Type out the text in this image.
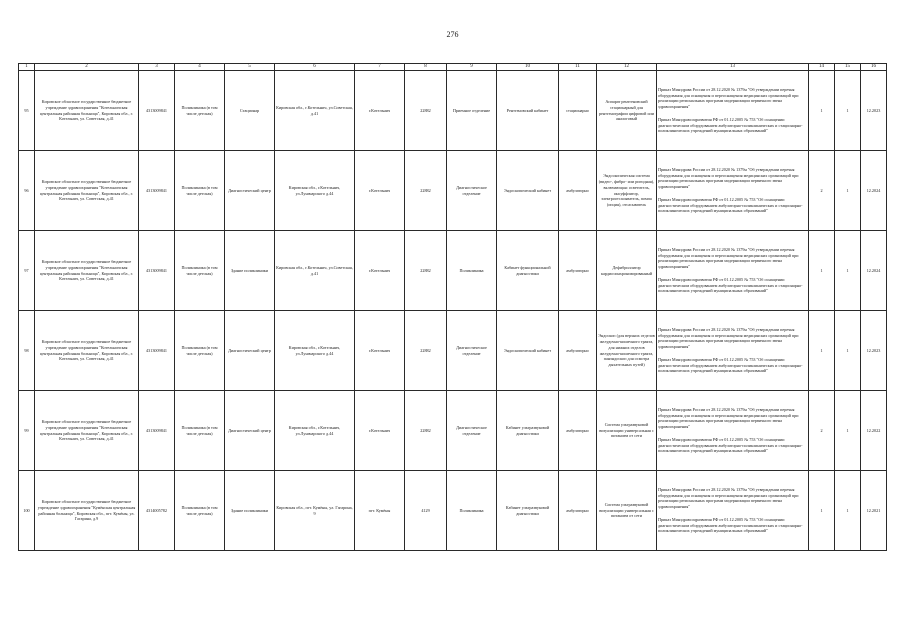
276
1	2	3	4	5	6	7	8	9	10	11	12	13	14	15	16
95	Кировское областное государственное бюджетное учреждение здравоохранения "Котельничская центральная районная больница", Кировская обл., г. Котельнич, ул. Советская, д.41	4313009841	Поликлиника (в том числе детская)	Стационар	Кировская обл., г.Котельнич, ул.Советская, д.41	г.Котельнич	22882	Приемное отделение	Рентгеновский кабинет	стационарно	Аппарат рентгеновский стационарный для рентгенографии цифровой или аналоговый	Приказ Минздрава России от 28.12.2020 № 1379н "Об утверждении перечня оборудования для оснащения и переоснащения медицинских организаций при реализации региональных программ модернизации первичного звена здравоохранения"
Приказ Минздравсоцразвития РФ от 01.12.2005 № 753 "Об оснащении диагностическим оборудованием амбулаторно-поликлинических и стационарно-поликлинических учреждений муниципальных образований"	1	1	12.2023
96	Кировское областное государственное бюджетное учреждение здравоохранения "Котельничская центральная районная больница", Кировская обл., г. Котельнич, ул. Советская, д.41	4313009841	Поликлиника (в том числе детская)	Диагностический центр	Кировская обл., г.Котельнич, ул.Луначарского д.44	г.Котельнич	22882	Диагностическое отделение	Эндоскопический кабинет	амбулаторно	Эндоскопическая система (видео-, фибро- или ригидная), включающая: осветитель, инсуффлятор, электроотсасыватель, помпа (опция), отсасыватель	Приказ Минздрава России от 28.12.2020 № 1379н "Об утверждении перечня оборудования для оснащения и переоснащения медицинских организаций при реализации региональных программ модернизации первичного звена здравоохранения"
Приказ Минздравсоцразвития РФ от 01.12.2005 № 753 "Об оснащении диагностическим оборудованием амбулаторно-поликлинических и стационарно-поликлинических учреждений муниципальных образований"	2	1	12.2024
97	Кировское областное государственное бюджетное учреждение здравоохранения "Котельничская центральная районная больница", Кировская обл., г. Котельнич, ул. Советская, д.41	4313009841	Поликлиника (в том числе детская)	Здание поликлиники	Кировская обл., г.Котельнич, ул.Советская, д.41	г.Котельнич	22882	Поликлиника	Кабинет функциональной диагностики	амбулаторно	Дефибриллятор кардиосинхронизированный	Приказ Минздрава России от 28.12.2020 № 1379н "Об утверждении перечня оборудования для оснащения и переоснащения медицинских организаций при реализации региональных программ модернизации первичного звена здравоохранения"
Приказ Минздравсоцразвития РФ от 01.12.2005 № 753 "Об оснащении диагностическим оборудованием амбулаторно-поликлинических и стационарно-поликлинических учреждений муниципальных образований"	1	1	12.2024
98	Кировское областное государственное бюджетное учреждение здравоохранения "Котельничская центральная районная больница", Кировская обл., г. Котельнич, ул. Советская, д.41	4313009841	Поликлиника (в том числе детская)	Диагностический центр	Кировская обл., г.Котельнич, ул.Луначарского д.44	г.Котельнич	22882	Диагностическое отделение	Эндоскопический кабинет	амбулаторно	Эндоскоп (для верхних отделов желудочно-кишечного тракта, для нижних отделов желудочно-кишечного тракта, панэндоскоп для осмотра дыхательных путей)	Приказ Минздрава России от 28.12.2020 № 1379н "Об утверждении перечня оборудования для оснащения и переоснащения медицинских организаций при реализации региональных программ модернизации первичного звена здравоохранения"
Приказ Минздравсоцразвития РФ от 01.12.2005 № 753 "Об оснащении диагностическим оборудованием амбулаторно-поликлинических и стационарно-поликлинических учреждений муниципальных образований"	1	1	12.2023
99	Кировское областное государственное бюджетное учреждение здравоохранения "Котельничская центральная районная больница", Кировская обл., г. Котельнич, ул. Советская, д.41	4313009841	Поликлиника (в том числе детская)	Диагностический центр	Кировская обл., г.Котельнич, ул.Луначарского д.44	г.Котельнич	22882	Диагностическое отделение	Кабинет ультразвуковой диагностики	амбулаторно	Система ультразвуковой визуализации универсальная с питанием от сети	Приказ Минздрава России от 28.12.2020 № 1379н "Об утверждении перечня оборудования для оснащения и переоснащения медицинских организаций при реализации региональных программ модернизации первичного звена здравоохранения"
Приказ Минздравсоцразвития РФ от 01.12.2005 № 753 "Об оснащении диагностическим оборудованием амбулаторно-поликлинических и стационарно-поликлинических учреждений муниципальных образований"	2	1	12.2022
100	Кировское областное государственное бюджетное учреждение здравоохранения "Кумёнская центральная районная больница", Кировская обл., пгт. Кумёны, ул. Гагарина, д.9	4314005782	Поликлиника (в том числе детская)	Здание поликлиники	Кировская обл., пгт. Кумёны, ул. Гагарина, 9	пгт. Кумёны	4129	Поликлиника	Кабинет ультразвуковой диагностики	амбулаторно	Система ультразвуковой визуализации универсальная с питанием от сети	Приказ Минздрава России от 28.12.2020 № 1379н "Об утверждении перечня оборудования для оснащения и переоснащения медицинских организаций при реализации региональных программ модернизации первичного звена здравоохранения"
Приказ Минздравсоцразвития РФ от 01.12.2005 № 753 "Об оснащении диагностическим оборудованием амбулаторно-поликлинических и стационарно-поликлинических учреждений муниципальных образований"	1	1	12.2021
